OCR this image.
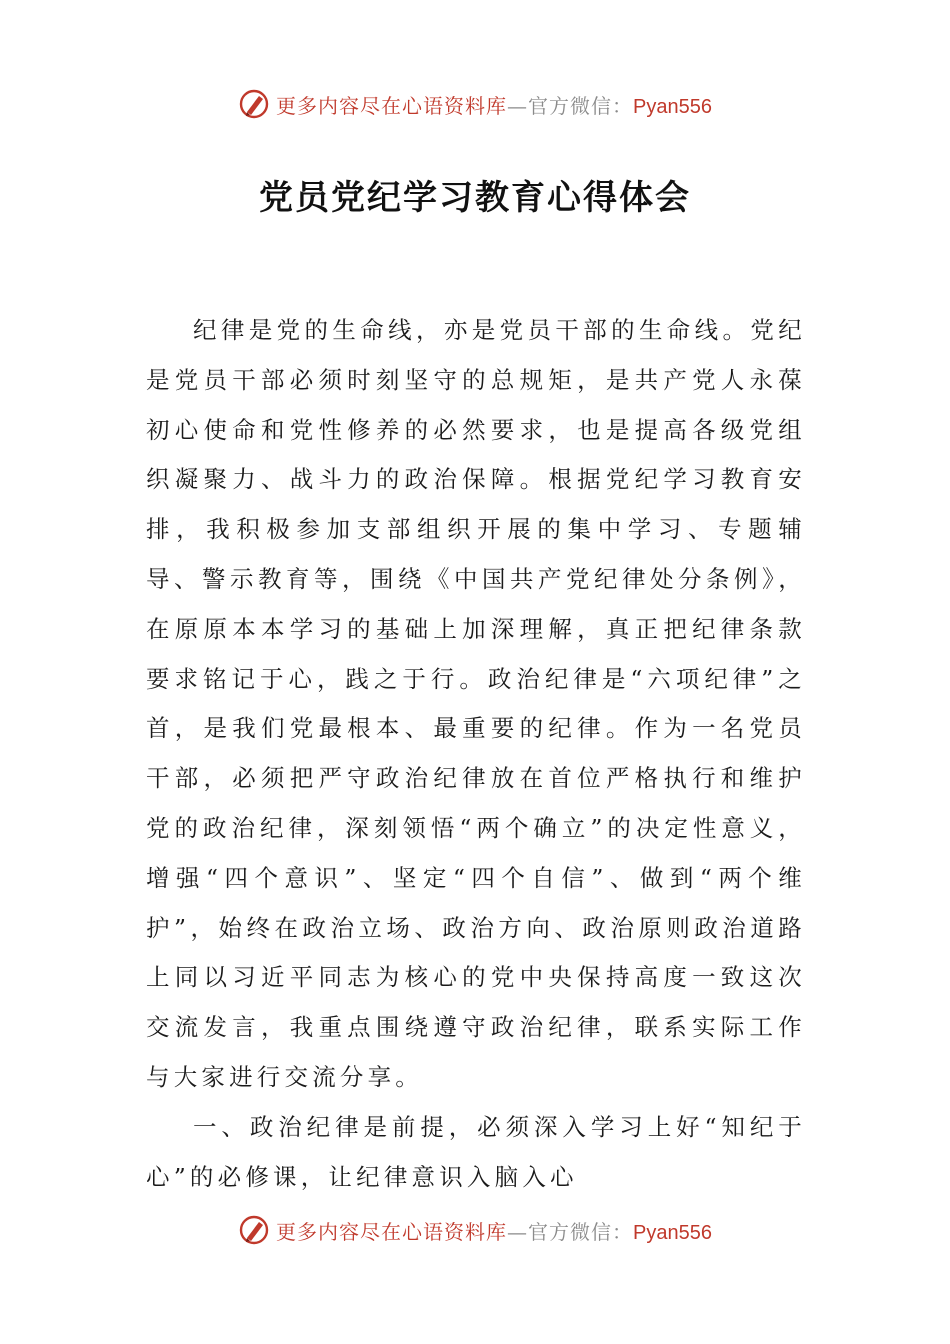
更多内容尽在心语资料库—官方微信：Pyan556
党员党纪学习教育心得体会

纪律是党的生命线，亦是党员干部的生命线。党纪是党员干部必须时刻坚守的总规矩，是共产党人永葆初心使命和党性修养的必然要求，也是提高各级党组织凝聚力、战斗力的政治保障。根据党纪学习教育安排，我积极参加支部组织开展的集中学习、专题辅导、警示教育等，围绕《中国共产党纪律处分条例》，在原原本本学习的基础上加深理解，真正把纪律条款要求铭记于心，践之于行。政治纪律是“六项纪律”之首，是我们党最根本、最重要的纪律。作为一名党员干部，必须把严守政治纪律放在首位严格执行和维护党的政治纪律，深刻领悟“两个确立”的决定性意义，增强“四个意识”、坚定“四个自信”、做到“两个维护”，始终在政治立场、政治方向、政治原则政治道路上同以习近平同志为核心的党中央保持高度一致这次交流发言，我重点围绕遵守政治纪律，联系实际工作与大家进行交流分享。

一、政治纪律是前提，必须深入学习上好“知纪于心”的必修课，让纪律意识入脑入心

更多内容尽在心语资料库—官方微信：Pyan556
